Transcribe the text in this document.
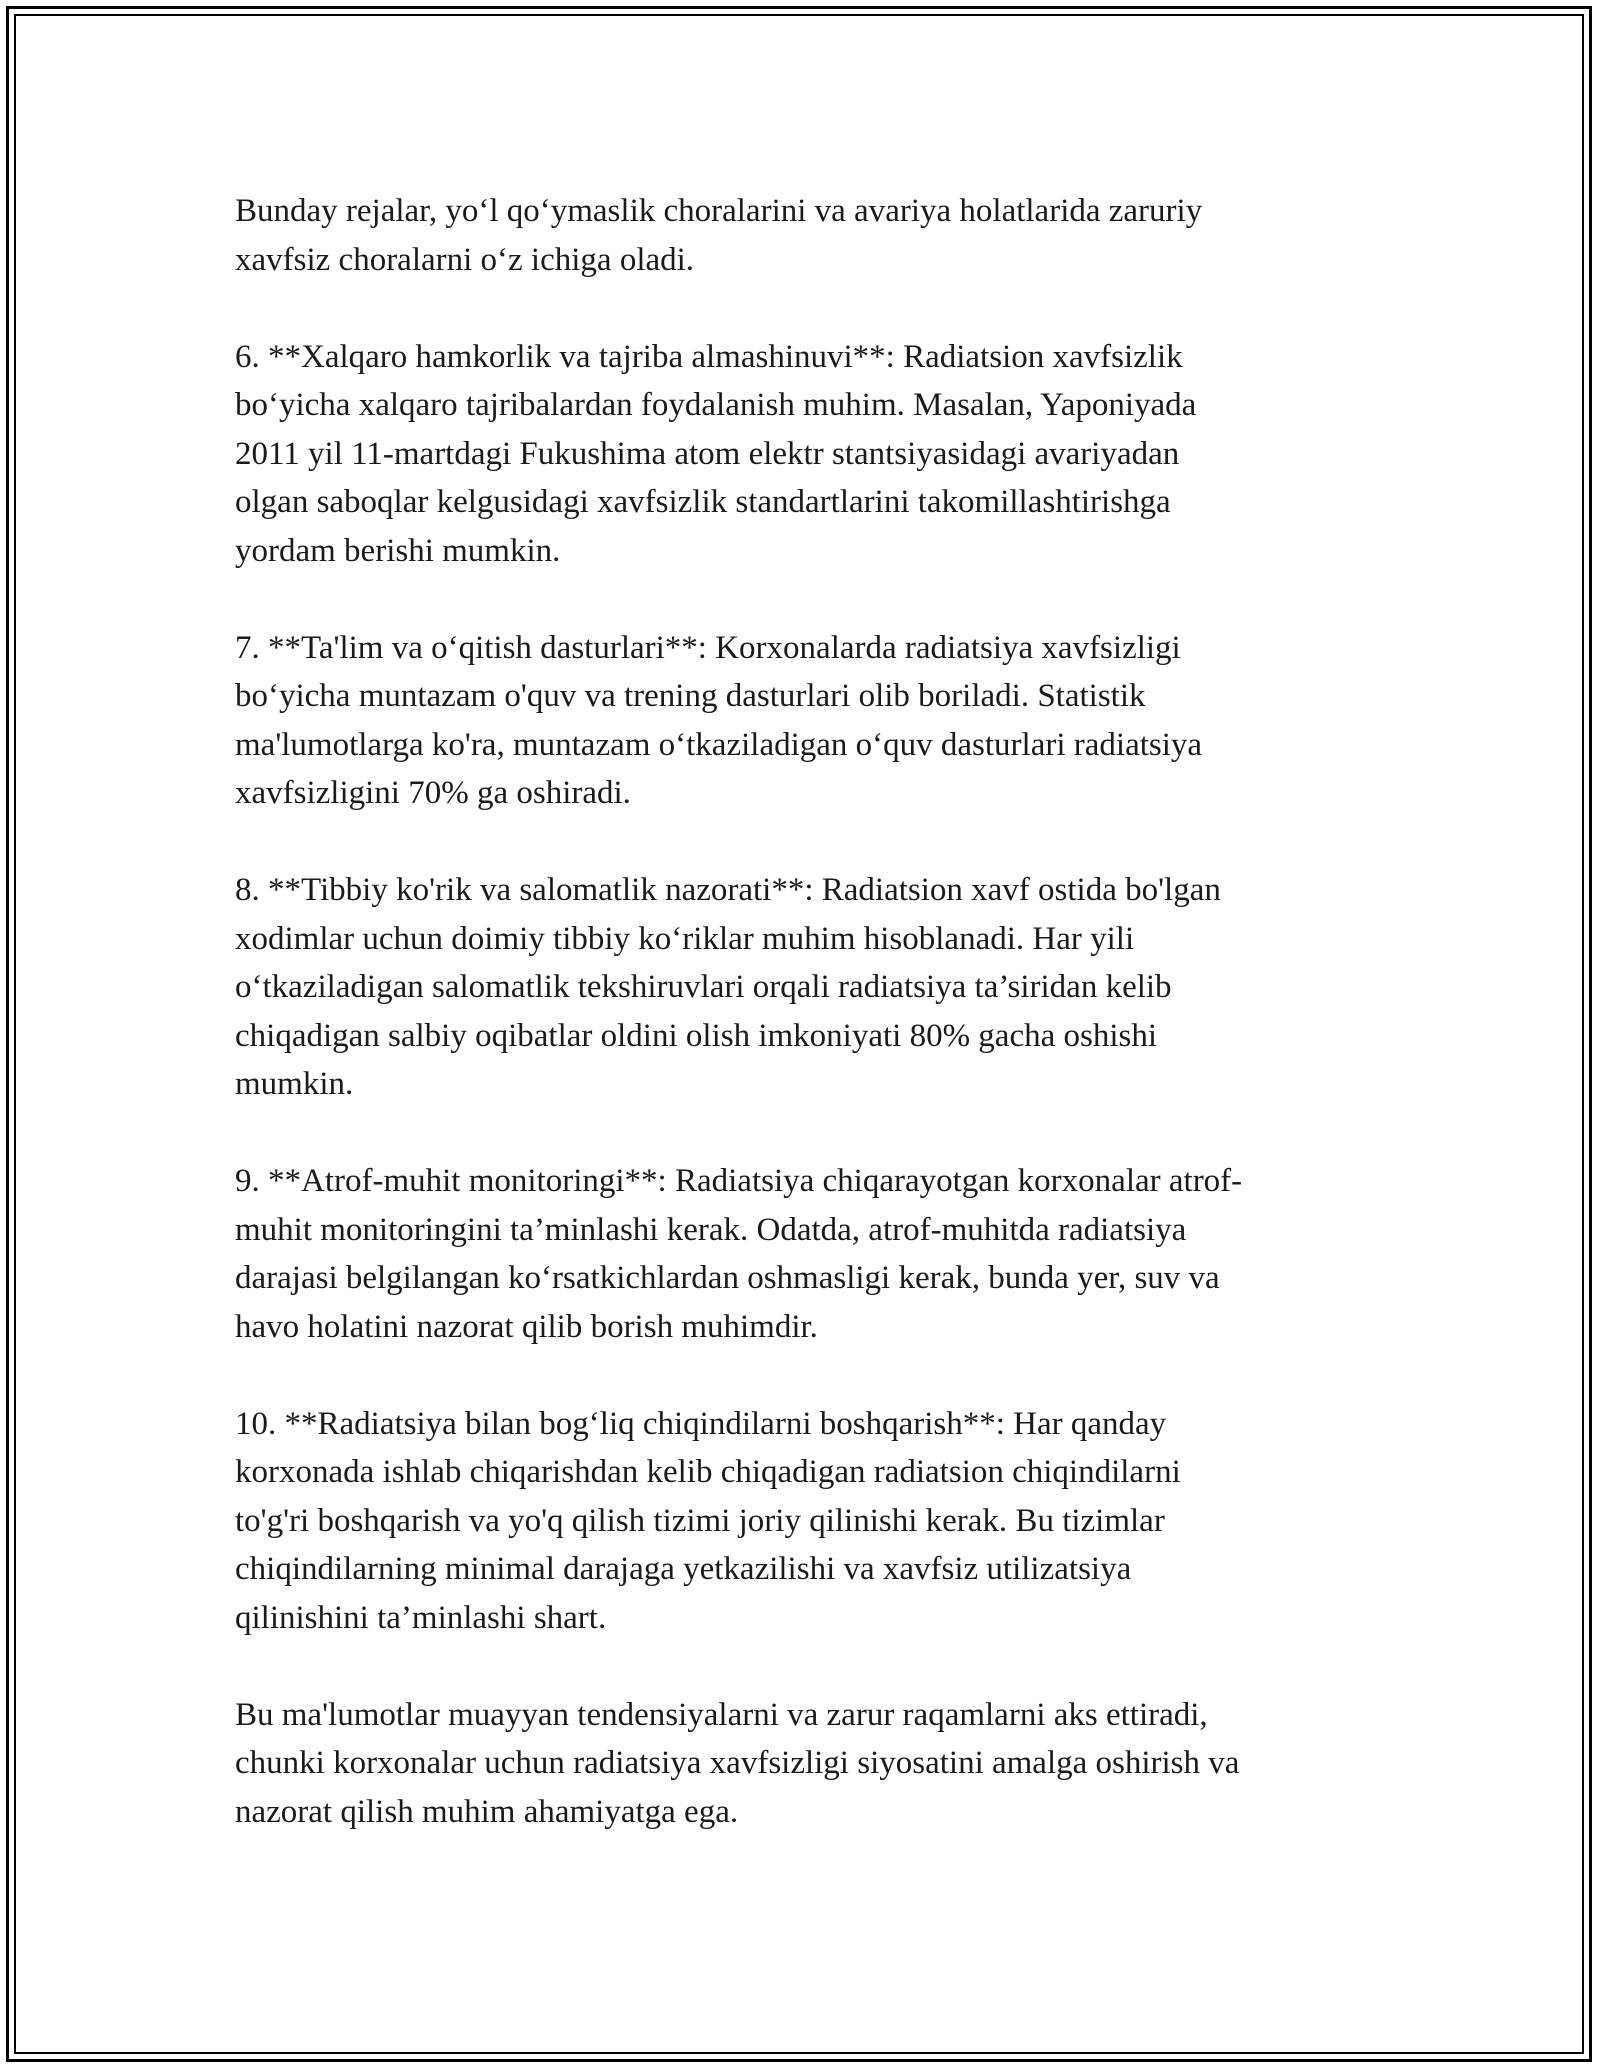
Bunday rejalar, yo‘l qo‘ymaslik choralarini va avariya holatlarida zaruriy
xavfsiz choralarni o‘z ichiga oladi.

6. **Xalqaro hamkorlik va tajriba almashinuvi**: Radiatsion xavfsizlik
bo‘yicha xalqaro tajribalardan foydalanish muhim. Masalan, Yaponiyada
2011 yil 11-martdagi Fukushima atom elektr stantsiyasidagi avariyadan
olgan saboqlar kelgusidagi xavfsizlik standartlarini takomillashtirishga
yordam berishi mumkin.

7. **Ta'lim va o‘qitish dasturlari**: Korxonalarda radiatsiya xavfsizligi
bo‘yicha muntazam o'quv va trening dasturlari olib boriladi. Statistik
ma'lumotlarga ko'ra, muntazam o‘tkaziladigan o‘quv dasturlari radiatsiya
xavfsizligini 70% ga oshiradi.

8. **Tibbiy ko'rik va salomatlik nazorati**: Radiatsion xavf ostida bo'lgan
xodimlar uchun doimiy tibbiy ko‘riklar muhim hisoblanadi. Har yili
o‘tkaziladigan salomatlik tekshiruvlari orqali radiatsiya ta’siridan kelib
chiqadigan salbiy oqibatlar oldini olish imkoniyati 80% gacha oshishi
mumkin.

9. **Atrof-muhit monitoringi**: Radiatsiya chiqarayotgan korxonalar atrof-
muhit monitoringini ta’minlashi kerak. Odatda, atrof-muhitda radiatsiya
darajasi belgilangan ko‘rsatkichlardan oshmasligi kerak, bunda yer, suv va
havo holatini nazorat qilib borish muhimdir.

10. **Radiatsiya bilan bog‘liq chiqindilarni boshqarish**: Har qanday
korxonada ishlab chiqarishdan kelib chiqadigan radiatsion chiqindilarni
to'g'ri boshqarish va yo'q qilish tizimi joriy qilinishi kerak. Bu tizimlar
chiqindilarning minimal darajaga yetkazilishi va xavfsiz utilizatsiya
qilinishini ta’minlashi shart.

Bu ma'lumotlar muayyan tendensiyalarni va zarur raqamlarni aks ettiradi,
chunki korxonalar uchun radiatsiya xavfsizligi siyosatini amalga oshirish va
nazorat qilish muhim ahamiyatga ega.
